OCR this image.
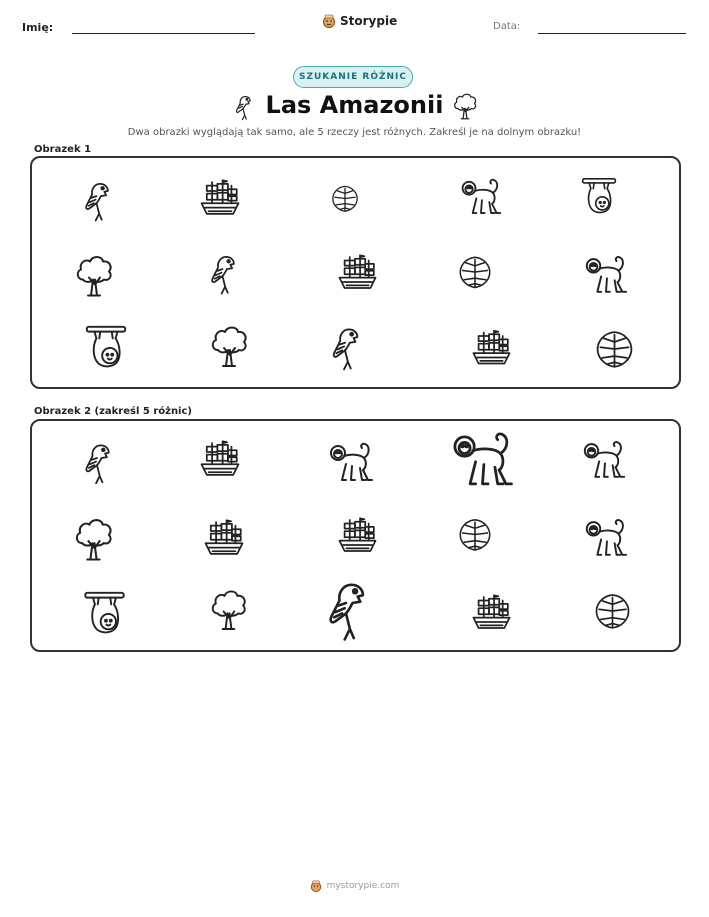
Imię:	Storypie	Data:
SZUKANIE RÓŻNIC
Las Amazonii
Dwa obrazki wyglądają tak samo, ale 5 rzeczy jest różnych. Zakreśl je na dolnym obrazku!
Obrazek 1
Obrazek 2 (zakreśl 5 różnic)
mystorypie.com
